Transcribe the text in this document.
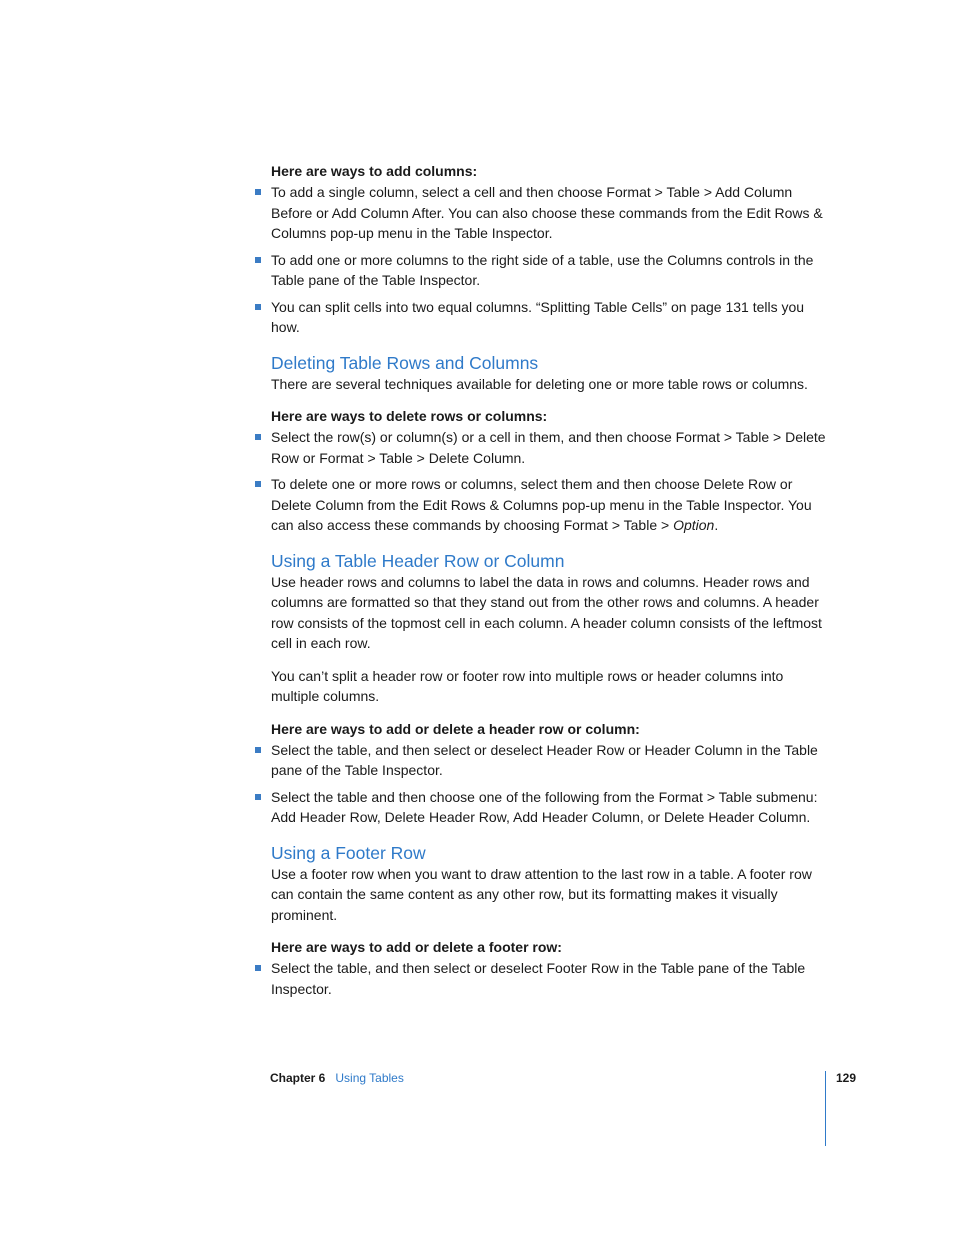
Here are ways to add columns:

To add a single column, select a cell and then choose Format > Table > Add Column Before or Add Column After. You can also choose these commands from the Edit Rows & Columns pop-up menu in the Table Inspector.
To add one or more columns to the right side of a table, use the Columns controls in the Table pane of the Table Inspector.
You can split cells into two equal columns. “Splitting Table Cells” on page 131 tells you how.
Deleting Table Rows and Columns

There are several techniques available for deleting one or more table rows or columns.

Here are ways to delete rows or columns:

Select the row(s) or column(s) or a cell in them, and then choose Format > Table > Delete Row or Format > Table > Delete Column.
To delete one or more rows or columns, select them and then choose Delete Row or Delete Column from the Edit Rows & Columns pop-up menu in the Table Inspector. You can also access these commands by choosing Format > Table > Option.
Using a Table Header Row or Column

Use header rows and columns to label the data in rows and columns. Header rows and columns are formatted so that they stand out from the other rows and columns. A header row consists of the topmost cell in each column. A header column consists of the leftmost cell in each row.

You can’t split a header row or footer row into multiple rows or header columns into multiple columns.

Here are ways to add or delete a header row or column:

Select the table, and then select or deselect Header Row or Header Column in the Table pane of the Table Inspector.
Select the table and then choose one of the following from the Format > Table submenu: Add Header Row, Delete Header Row, Add Header Column, or Delete Header Column.
Using a Footer Row

Use a footer row when you want to draw attention to the last row in a table. A footer row can contain the same content as any other row, but its formatting makes it visually prominent.

Here are ways to add or delete a footer row:

Select the table, and then select or deselect Footer Row in the Table pane of the Table Inspector.
Chapter 6 Using Tables	129
